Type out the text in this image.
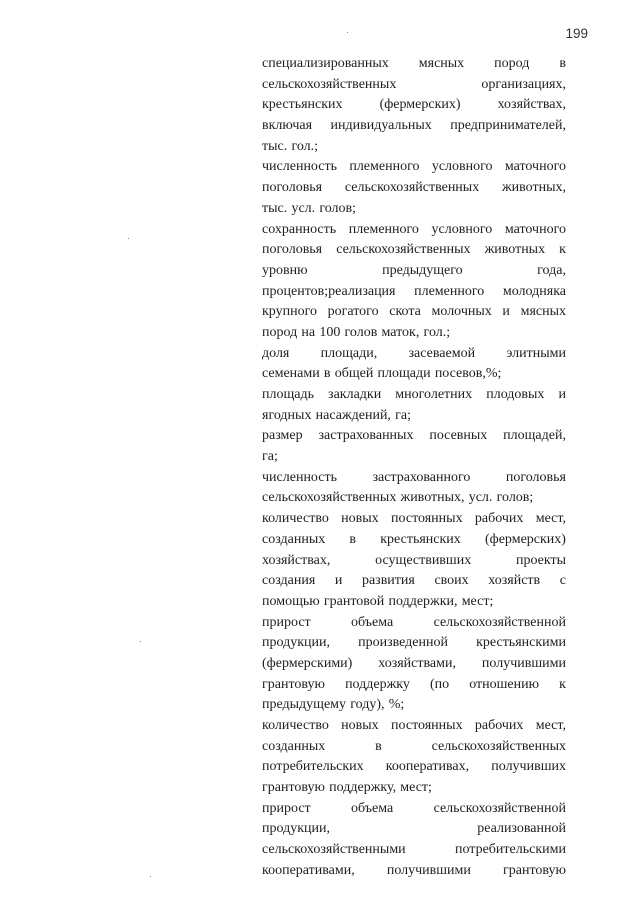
199
специализированных мясных пород в
сельскохозяйственных	организациях,
крестьянских	(фермерских)	хозяйствах,
включая индивидуальных предпринимателей,
тыс. гол.;
численность племенного условного маточного
поголовья сельскохозяйственных животных,
тыс. усл. голов;
сохранность племенного условного маточного
поголовья сельскохозяйственных животных к
уровню	предыдущего	года,
процентов;реализация племенного молодняка
крупного рогатого скота молочных и мясных
пород на 100 голов маток, гол.;
доля площади, засеваемой элитными
семенами в общей площади посевов,%;
площадь закладки многолетних плодовых и
ягодных насаждений, га;
размер застрахованных посевных площадей,
га;
численность	застрахованного	поголовья
сельскохозяйственных животных, усл. голов;
количество новых постоянных рабочих мест,
созданных в крестьянских (фермерских)
хозяйствах,	осуществивших	проекты
создания и развития своих хозяйств с
помощью грантовой поддержки, мест;
прирост	объема	сельскохозяйственной
продукции, произведенной крестьянскими
(фермерскими) хозяйствами, получившими
грантовую поддержку (по отношению к
предыдущему году), %;
количество новых постоянных рабочих мест,
созданных	в	сельскохозяйственных
потребительских кооперативах, получивших
грантовую поддержку, мест;
прирост	объема	сельскохозяйственной
продукции,	реализованной
сельскохозяйственными	потребительскими
кооперативами, получившими грантовую
